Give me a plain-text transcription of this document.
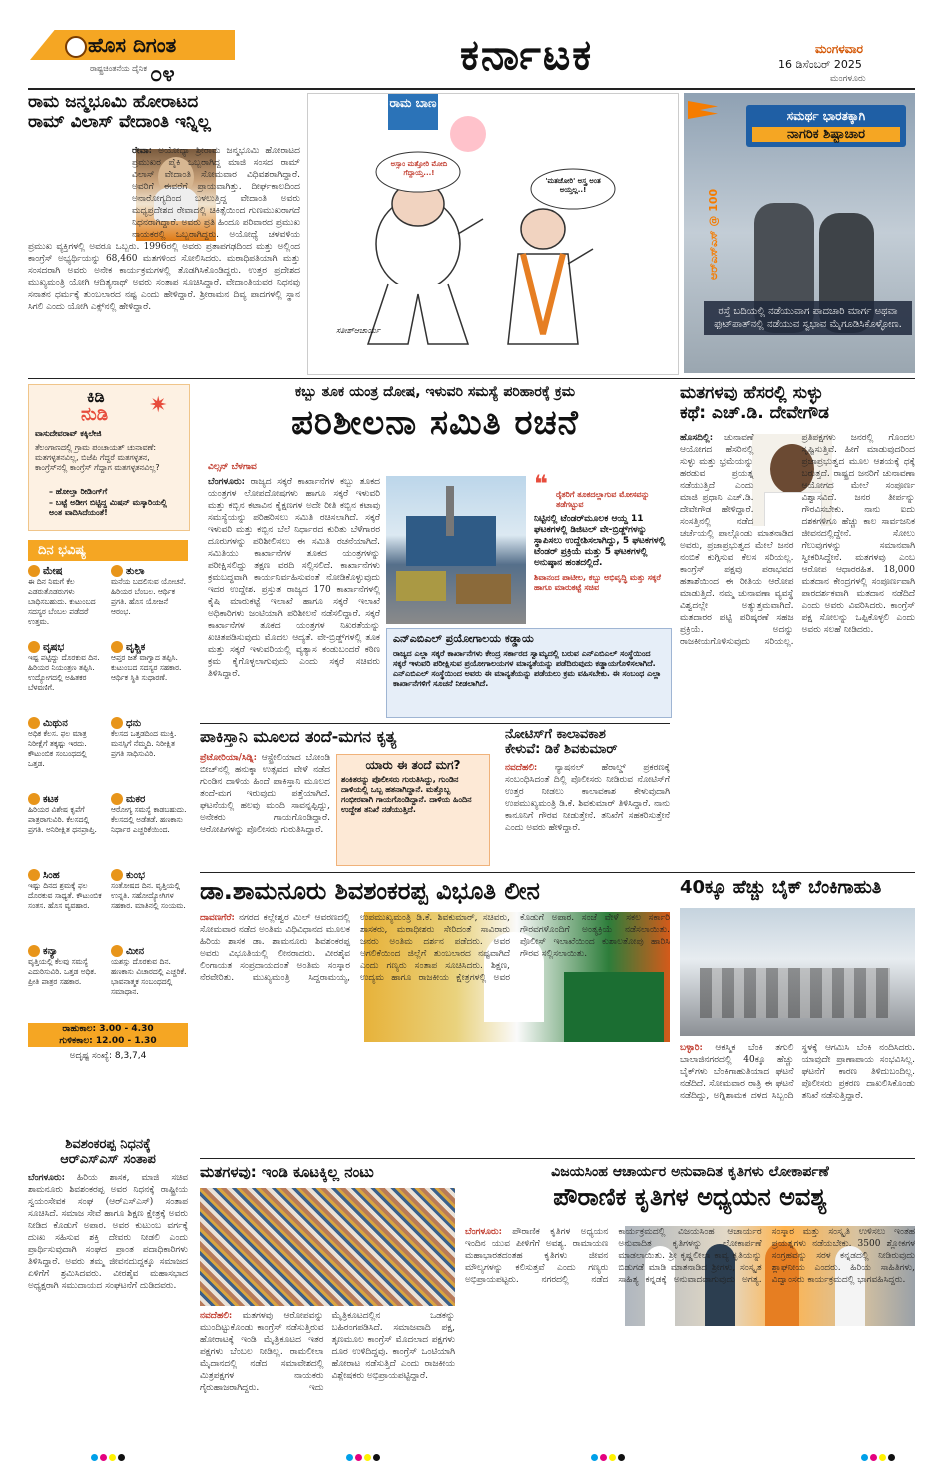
ಹೊಸ ದಿಗಂತ
ರಾಷ್ಟ್ರಚಿಂತನೆಯ ದೈನಿಕ ೦೪	ಕರ್ನಾಟಕ	ಮಂಗಳವಾರ
16 ಡಿಸೆಂಬರ್ 2025
ಮಂಗಳೂರು
ರಾಮ ಜನ್ಮಭೂಮಿ ಹೋರಾಟದ
ರಾಮ್ ವಿಲಾಸ್ ವೇದಾಂತಿ ಇನ್ನಿಲ್ಲ
ರೇವಾ: ಅಯೋಧ್ಯಾ ಶ್ರೀರಾಮ ಜನ್ಮಭೂಮಿ ಹೋರಾಟದ ಪ್ರಮುಖರ ಪೈಕಿ ಒಬ್ಬರಾಗಿದ್ದ ಮಾಜಿ ಸಂಸದ ರಾಮ್ ವಿಲಾಸ್ ವೇದಾಂತಿ ಸೋಮವಾರ ವಿಧಿವಶರಾಗಿದ್ದಾರೆ. ಅವರಿಗೆ ಈವರೆಗೆ ಪ್ರಾಯವಾಗಿತ್ತು. ದೀರ್ಘಕಾಲದಿಂದ ಅನಾರೋಗ್ಯದಿಂದ ಬಳಲುತ್ತಿದ್ದ ವೇದಾಂತಿ ಅವರು ಮಧ್ಯಪ್ರದೇಶದ ರೇವಾದಲ್ಲಿ ಚಿಕಿತ್ಸೆಯಿಂದ ಗುಣಮುಖರಾಗದೆ ನಿಧನರಾಗಿದ್ದಾರೆ. ಅವರು ಪ್ರತಿ ಹಿಂದೂ ಪರಿವಾರದ ಪ್ರಮುಖ ನಾಯಕರಲ್ಲಿ ಒಬ್ಬರಾಗಿದ್ದರು. ಅಯೋಧ್ಯೆ ಚಳವಳಿಯ ಪ್ರಮುಖ ವ್ಯಕ್ತಿಗಳಲ್ಲಿ ಅವರೂ ಒಬ್ಬರು. 1996ರಲ್ಲಿ ಅವರು ಪ್ರತಾಪಗಢದಿಂದ ಮತ್ತು ಅಲ್ಲಿಂದ ಕಾಂಗ್ರೆಸ್ ಅಭ್ಯರ್ಥಿಯನ್ನು 68,460 ಮತಗಳಿಂದ ಸೋಲಿಸಿದರು. ಮಠಾಧಿಪತಿಯಾಗಿ ಮತ್ತು ಸಂಸದರಾಗಿ ಅವರು ಅನೇಕ ಕಾರ್ಯಕ್ರಮಗಳಲ್ಲಿ ತೊಡಗಿಸಿಕೊಂಡಿದ್ದರು. ಉತ್ತರ ಪ್ರದೇಶದ ಮುಖ್ಯಮಂತ್ರಿ ಯೋಗಿ ಆದಿತ್ಯನಾಥ್ ಅವರು ಸಂತಾಪ ಸೂಚಿಸಿದ್ದಾರೆ. ವೇದಾಂತಿಯವರ ನಿಧನವು ಸನಾತನ ಧರ್ಮಕ್ಕೆ ತುಂಬಲಾರದ ನಷ್ಟ ಎಂದು ಹೇಳಿದ್ದಾರೆ. ಶ್ರೀರಾಮನ ದಿವ್ಯ ಪಾದಗಳಲ್ಲಿ ಸ್ಥಾನ ಸಿಗಲಿ ಎಂದು ಯೋಗಿ ಎಕ್ಸ್‌ನಲ್ಲಿ ಹೇಳಿದ್ದಾರೆ.
ರಾಮ ಬಾಣ
ಅಸ್ಸಾಂ ಮತ್ತೋರಿ ಮೋದಿ ಗೆದ್ದಾಯ್ತ...!
'ಮತಚೋರಿ' ಅಸ್ತ್ರ ಅಂತ ಅಯ್ತಲ್ಲ..!
ಸತೀಶ್‌ಆಚಾರ್ಯ
ಸಮರ್ಥ ಭಾರತಕ್ಕಾಗಿ
ನಾಗರಿಕ ಶಿಷ್ಟಾಚಾರ
ಆರ್‌ಎಸ್‌ಎಸ್ @ 100
ರಸ್ತೆ ಬದಿಯಲ್ಲಿ ನಡೆಯುವಾಗ ಪಾದಚಾರಿ ಮಾರ್ಗ ಅಥವಾ ಫುಟ್‌ಪಾತ್‌ನಲ್ಲಿ ನಡೆಯುವ ಸ್ವಭಾವ ಮೈಗೂಡಿಸಿಕೊಳ್ಳೋಣ.
ಕಿಡಿ
ನುಡಿ ✷
ವಾಸುದೇವರಾವ್ ಕಕ್ಕಿಲೇಜಿ
ತೆಲಂಗಾಣದಲ್ಲಿ ಗ್ರಾಮ ಪಂಚಾಯತ್ ಚುನಾವಣೆ: ಮತಗಳ್ಳತನವಿಲ್ಲ, ಬಿಜೆಪಿ ಗೆದ್ದರೆ ಮತಗಳ್ಳತನ, ಕಾಂಗ್ರೆಸ್‌ನಲ್ಲಿ ಕಾಂಗ್ರೆಸ್ ಗೆದ್ದಾಗ ಮತಗಳ್ಳತನವಿಲ್ಲ?
– ಹೋಲ್ತಾ ರೀಡಿಂಗ್‌ಗೆ
– ಬಟ್ಟೆ ಅಡೀಗ ಬಿಟ್ಟಿದ್ದ ಮಿಷನ್ ಮಸ್ಕಾರಿಯಲ್ಲಿ ಅಂತ ವಾದಿಸಿದೆಯಂತೆ!
ದಿನ ಭವಿಷ್ಯ
ಮೇಷ
ಈ ದಿನ ನಿಮಗೆ ಕೆಲ ಎಡರುತೊಡರುಗಳು ಬಾಧಿಸಬಹುದು. ಕುಟುಂಬದ ಸದಸ್ಯರ ಬೆಂಬಲ ಪಡೆದರೆ ಉತ್ತಮ.
ತುಲಾ
ಮನೆಯ ಬದಲಿಸುವ ಯೋಚನೆ. ಹಿರಿಯರ ಬೆಂಬಲ. ಆರ್ಥಿಕ ಪ್ರಗತಿ. ಹೊಸ ಯೋಜನೆ ಆರಂಭ.
ವೃಷಭ
ಇಷ್ಟ ಪಟ್ಟಿದ್ದು ದೊರಕುವ ದಿನ. ಹಿರಿಯರ ನಿಯಂತ್ರಣ ತಪ್ಪಿಸಿ. ಉದ್ಯೋಗದಲ್ಲಿ ಅಹಿತಕರ ಬೆಳವಣಿಗೆ.
ವೃಶ್ಚಿಕ
ಆಪ್ತರ ಜತೆ ವಾಗ್ವಾದ ತಪ್ಪಿಸಿ. ಕುಟುಂಬದ ಸದಸ್ಯರ ಸಹಕಾರ. ಆರ್ಥಿಕ ಸ್ಥಿತಿ ಸುಧಾರಣೆ.
ಮಿಥುನ
ಅಧಿಕ ಕೆಲಸ. ಫಲ ಮಾತ್ರ ನಿರೀಕ್ಷೆಗೆ ತಕ್ಕಷ್ಟು ಇರದು. ಕೌಟುಂಬಿಕ ಸಂಬಂಧದಲ್ಲಿ ಒತ್ತಡ.
ಧನು
ಕೆಲಸದ ಒತ್ತಡದಿಂದ ಮುಕ್ತಿ. ಮನಸ್ಸಿಗೆ ನೆಮ್ಮದಿ. ನಿರೀಕ್ಷಿತ ಪ್ರಗತಿ ಸಾಧಿಸುವಿರಿ.
ಕಟಕ
ಹಿರಿಯರ ವಿಶೇಷ ಕೃಪೆಗೆ ಪಾತ್ರರಾಗುವಿರಿ. ಕೆಲಸದಲ್ಲಿ ಪ್ರಗತಿ. ಅನಿರೀಕ್ಷಿತ ಧನಪ್ರಾಪ್ತಿ.
ಮಕರ
ಆರೋಗ್ಯ ಸಮಸ್ಯೆ ಕಾಡಬಹುದು. ಕೆಲಸದಲ್ಲಿ ಅಡೆತಡೆ. ಹಣಕಾಸು ನಿರ್ಧಾರ ಎಚ್ಚರಿಕೆಯಿಂದ.
ಸಿಂಹ
ಇಷ್ಟು ದಿನದ ಶ್ರಮಕ್ಕೆ ಫಲ ದೊರಕುವ ಸಾಧ್ಯತೆ. ಕೌಟುಂಬಿಕ ಸಂತಸ. ಹೊಸ ವ್ಯವಹಾರ.
ಕುಂಭ
ಸಂತೋಷದ ದಿನ. ವೃತ್ತಿಯಲ್ಲಿ ಉನ್ನತಿ. ಸಹೋದ್ಯೋಗಿಗಳ ಸಹಕಾರ. ಮಾತಿನಲ್ಲಿ ಸಂಯಮ.
ಕನ್ಯಾ
ವೃತ್ತಿಯಲ್ಲಿ ಕೆಲವು ಸಮಸ್ಯೆ ಎದುರಿಸುವಿರಿ. ಒತ್ತಡ ಅಧಿಕ. ಪ್ರೀತಿ ಪಾತ್ರರ ಸಹಕಾರ.
ಮೀನ
ಯಶಸ್ಸು ದೊರಕುವ ದಿನ. ಹಣಕಾಸು ವಿಚಾರದಲ್ಲಿ ಎಚ್ಚರಿಕೆ. ಭಾವನಾತ್ಮಕ ಸಂಬಂಧದಲ್ಲಿ ಸಮಾಧಾನ.
ರಾಹುಕಾಲ: 3.00 - 4.30
ಗುಳಿಕಕಾಲ: 12.00 - 1.30
ಅದೃಷ್ಟ ಸಂಖ್ಯೆ: 8,3,7,4
ಶಿವಶಂಕರಪ್ಪ ನಿಧನಕ್ಕೆ
ಆರ್‌ಎಸ್‌ಎಸ್ ಸಂತಾಪ
ಬೆಂಗಳೂರು: ಹಿರಿಯ ಶಾಸಕ, ಮಾಜಿ ಸಚಿವ ಶಾಮನೂರು ಶಿವಶಂಕರಪ್ಪ ಅವರ ನಿಧನಕ್ಕೆ ರಾಷ್ಟ್ರೀಯ ಸ್ವಯಂಸೇವಕ ಸಂಘ (ಆರ್‌ಎಸ್‌ಎಸ್) ಸಂತಾಪ ಸೂಚಿಸಿದೆ. ಸಮಾಜ ಸೇವೆ ಹಾಗೂ ಶಿಕ್ಷಣ ಕ್ಷೇತ್ರಕ್ಕೆ ಅವರು ನೀಡಿದ ಕೊಡುಗೆ ಅಪಾರ. ಅವರ ಕುಟುಂಬ ವರ್ಗಕ್ಕೆ ದುಃಖ ಸಹಿಸುವ ಶಕ್ತಿ ದೇವರು ನೀಡಲಿ ಎಂದು ಪ್ರಾರ್ಥಿಸುವುದಾಗಿ ಸಂಘದ ಪ್ರಾಂತ ಪದಾಧಿಕಾರಿಗಳು ತಿಳಿಸಿದ್ದಾರೆ. ಅವರು ತಮ್ಮ ಜೀವನದುದ್ದಕ್ಕೂ ಸಮಾಜದ ಏಳಿಗೆಗೆ ಶ್ರಮಿಸಿದವರು. ವೀರಶೈವ ಮಹಾಸಭಾದ ಅಧ್ಯಕ್ಷರಾಗಿ ಸಮುದಾಯದ ಸಂಘಟನೆಗೆ ದುಡಿದವರು.
ಕಬ್ಬು ತೂಕ ಯಂತ್ರ ದೋಷ, ಇಳುವರಿ ಸಮಸ್ಯೆ ಪರಿಹಾರಕ್ಕೆ ಕ್ರಮ
ಪರಿಶೀಲನಾ ಸಮಿತಿ ರಚನೆ
ವಿಲ್ಸನ್ ಬೆಳಗಾವ
ಬೆಂಗಳೂರು: ರಾಜ್ಯದ ಸಕ್ಕರೆ ಕಾರ್ಖಾನೆಗಳ ಕಬ್ಬು ತೂಕದ ಯಂತ್ರಗಳ ಲೋಪದೋಷಗಳು ಹಾಗೂ ಸಕ್ಕರೆ ಇಳುವರಿ ಮತ್ತು ಕಬ್ಬಿನ ಕಟಾವಿನ ಕೈಕ್ಷಣಗಳ ಅದೇ ರೀತಿ ಕಬ್ಬಿನ ಕಟಾವು ಸಮಸ್ಯೆಯನ್ನು ಪರಿಹರಿಸಲು ಸಮಿತಿ ರಚಿಸಲಾಗಿದೆ. ಸಕ್ಕರೆ ಇಳುವರಿ ಮತ್ತು ಕಬ್ಬಿನ ಬೆಲೆ ನಿರ್ಧಾರದ ಕುರಿತು ಬೆಳೆಗಾರರ ದೂರುಗಳನ್ನು ಪರಿಶೀಲಿಸಲು ಈ ಸಮಿತಿ ರಚನೆಯಾಗಿದೆ. ಸಮಿತಿಯು ಕಾರ್ಖಾನೆಗಳ ತೂಕದ ಯಂತ್ರಗಳನ್ನು ಪರೀಕ್ಷಿಸಲಿದ್ದು ತಕ್ಷಣ ವರದಿ ಸಲ್ಲಿಸಲಿದೆ. ಕಾರ್ಖಾನೆಗಳು ಕ್ರಮಬದ್ಧವಾಗಿ ಕಾರ್ಯನಿರ್ವಹಿಸುವಂತೆ ನೋಡಿಕೊಳ್ಳುವುದು ಇದರ ಉದ್ದೇಶ. ಪ್ರಸ್ತುತ ರಾಜ್ಯದ 170 ಕಾರ್ಖಾನೆಗಳಲ್ಲಿ ಕೈಷಿ ಮಾರುಕಟ್ಟೆ ಇಲಾಖೆ ಹಾಗೂ ಸಕ್ಕರೆ ಇಲಾಖೆ ಅಧಿಕಾರಿಗಳು ಜಂಟಿಯಾಗಿ ಪರಿಶೀಲನೆ ನಡೆಸಲಿದ್ದಾರೆ. ಸಕ್ಕರೆ ಕಾರ್ಖಾನೆಗಳ ತೂಕದ ಯಂತ್ರಗಳ ನಿಖರತೆಯನ್ನು ಖಚಿತಪಡಿಸುವುದು ಮೊದಲ ಆದ್ಯತೆ. ವೇ-ಬ್ರಿಡ್ಜ್‌ಗಳಲ್ಲಿ ತೂಕ ಮತ್ತು ಸಕ್ಕರೆ ಇಳುವರಿಯಲ್ಲಿ ವ್ಯತ್ಯಾಸ ಕಂಡುಬಂದರೆ ಕಠಿಣ ಕ್ರಮ ಕೈಗೊಳ್ಳಲಾಗುವುದು ಎಂದು ಸಕ್ಕರೆ ಸಚಿವರು ತಿಳಿಸಿದ್ದಾರೆ.
❝ ರೈತರಿಗೆ ತೂಕದಲ್ಲಾಗುವ ಮೋಸವನ್ನು ತಡೆಗಟ್ಟುವ
ನಿಟ್ಟಿನಲ್ಲಿ ಟೆಂಡರ್‌ಮೂಲಕ ಆಯ್ದ 11 ಘಟಕಗಳಲ್ಲಿ ಡಿಜಿಟಲ್ ವೇ-ಬ್ರಿಡ್ಜ್‌ಗಳನ್ನು ಸ್ಥಾಪಿಸಲು ಉದ್ದೇಶಿಸಲಾಗಿದ್ದು, 5 ಘಟಕಗಳಲ್ಲಿ ಟೆಂಡರ್ ಪ್ರಕ್ರಿಯೆ ಮತ್ತು 5 ಘಟಕಗಳಲ್ಲಿ ಅನುಷ್ಠಾನ ಹಂತದಲ್ಲಿದೆ.
ಶಿವಾನಂದ ಪಾಟೀಲ, ಕಬ್ಬು ಅಭಿವೃದ್ಧಿ ಮತ್ತು ಸಕ್ಕರೆ ಹಾಗೂ ಮಾರುಕಟ್ಟೆ ಸಚಿವ
ಎನ್‌ಎಬಿಎಲ್ ಪ್ರಯೋಗಾಲಯ ಕಡ್ಡಾಯ
ರಾಜ್ಯದ ಎಲ್ಲಾ ಸಕ್ಕರೆ ಕಾರ್ಖಾನೆಗಳು ಕೇಂದ್ರ ಸರ್ಕಾರದ ಸ್ವಾಮ್ಯದಲ್ಲಿ ಬರುವ ಎನ್‌ಎಬಿಎಲ್ ಸಂಸ್ಥೆಯಿಂದ ಸಕ್ಕರೆ ಇಳುವರಿ ಪರೀಕ್ಷಿಸುವ ಪ್ರಯೋಗಾಲಯಗಳ ಮಾನ್ಯತೆಯನ್ನು ಪಡೆದಿರುವುದು ಕಡ್ಡಾಯಗೊಳಿಸಲಾಗಿದೆ. ಎನ್‌ಎಬಿಎಲ್ ಸಂಸ್ಥೆಯಿಂದ ಅವರು ಈ ಮಾನ್ಯತೆಯನ್ನು ಪಡೆಯಲು ಕ್ರಮ ವಹಿಸಬೇಕು. ಈ ಸಂಬಂಧ ಎಲ್ಲಾ ಕಾರ್ಖಾನೆಗಳಿಗೆ ಸೂಚನೆ ನೀಡಲಾಗಿದೆ.
ಮತಗಳವು ಹೆಸರಲ್ಲಿ ಸುಳ್ಳು
ಕಥೆ: ಎಚ್.ಡಿ. ದೇವೇಗೌಡ
ಹೊಸದಿಲ್ಲಿ: ಚುನಾವಣೆ ಆಯೋಗದ ಹೆಸರಿನಲ್ಲಿ ಸುಳ್ಳು ಮತ್ತು ಭ್ರಮೆಯನ್ನು ಹರಡುವ ಪ್ರಯತ್ನ ನಡೆಯುತ್ತಿದೆ ಎಂದು ಮಾಜಿ ಪ್ರಧಾನಿ ಎಚ್.ಡಿ. ದೇವೇಗೌಡ ಹೇಳಿದ್ದಾರೆ. ಸಂಸತ್ತಿನಲ್ಲಿ ನಡೆದ ಚರ್ಚೆಯಲ್ಲಿ ಪಾಲ್ಗೊಂಡು ಮಾತನಾಡಿದ ಅವರು, ಪ್ರಜಾಪ್ರಭುತ್ವದ ಮೇಲೆ ಜನರ ನಂಬಿಕೆ ಕುಗ್ಗಿಸುವ ಕೆಲಸ ಸರಿಯಲ್ಲ. ಕಾಂಗ್ರೆಸ್ ಪಕ್ಷವು ಪರಾಭವದ ಹತಾಶೆಯಿಂದ ಈ ರೀತಿಯ ಆರೋಪ ಮಾಡುತ್ತಿದೆ. ನಮ್ಮ ಚುನಾವಣಾ ವ್ಯವಸ್ಥೆ ವಿಶ್ವದಲ್ಲೇ ಅತ್ಯುತ್ತಮವಾಗಿದೆ. ಮತದಾರರ ಪಟ್ಟಿ ಪರಿಷ್ಕರಣೆ ಸಹಜ ಪ್ರಕ್ರಿಯೆ. ಅದನ್ನು ರಾಜಕೀಯಗೊಳಿಸುವುದು ಸರಿಯಲ್ಲ. ಪ್ರತಿಪಕ್ಷಗಳು ಜನರಲ್ಲಿ ಗೊಂದಲ ಸೃಷ್ಟಿಸುತ್ತಿವೆ. ಹೀಗೆ ಮಾಡುವುದರಿಂದ ಪ್ರಜಾಪ್ರಭುತ್ವದ ಮೂಲ ಆಶಯಕ್ಕೆ ಧಕ್ಕೆ ಬರುತ್ತದೆ. ರಾಷ್ಟ್ರದ ಜನರಿಗೆ ಚುನಾವಣಾ ಆಯೋಗದ ಮೇಲೆ ಸಂಪೂರ್ಣ ವಿಶ್ವಾಸವಿದೆ. ಜನರ ತೀರ್ಪನ್ನು ಗೌರವಿಸಬೇಕು. ನಾನು ಐದು ದಶಕಗಳಿಗೂ ಹೆಚ್ಚು ಕಾಲ ಸಾರ್ವಜನಿಕ ಜೀವನದಲ್ಲಿದ್ದೇನೆ. ಸೋಲು ಗೆಲುವುಗಳನ್ನು ಸಮಾನವಾಗಿ ಸ್ವೀಕರಿಸಿದ್ದೇನೆ. ಮತಗಳವು ಎಂಬ ಆರೋಪ ಆಧಾರರಹಿತ. 18,000 ಮತದಾನ ಕೇಂದ್ರಗಳಲ್ಲಿ ಸಂಪೂರ್ಣವಾಗಿ ಪಾರದರ್ಶಕವಾಗಿ ಮತದಾನ ನಡೆದಿದೆ ಎಂದು ಅವರು ವಿವರಿಸಿದರು. ಕಾಂಗ್ರೆಸ್ ಪಕ್ಷ ಸೋಲನ್ನು ಒಪ್ಪಿಕೊಳ್ಳಲಿ ಎಂದು ಅವರು ಸಲಹೆ ನೀಡಿದರು.
ಪಾಕಿಸ್ತಾನಿ ಮೂಲದ ತಂದೆ-ಮಗನ ಕೃತ್ಯ
ಪ್ರೆಟೋರಿಯಾ/ಸಿಡ್ನಿ: ಆಸ್ಟ್ರೇಲಿಯಾದ ಬೋಂಡಿ ಬೀಚ್‌ನಲ್ಲಿ ಹನುಕ್ಕಾ ಉತ್ಸವದ ವೇಳೆ ನಡೆದ ಗುಂಡಿನ ದಾಳಿಯ ಹಿಂದೆ ಪಾಕಿಸ್ತಾನಿ ಮೂಲದ ತಂದೆ-ಮಗ ಇರುವುದು ಪತ್ತೆಯಾಗಿದೆ. ಘಟನೆಯಲ್ಲಿ ಹಲವು ಮಂದಿ ಸಾವನ್ನಪ್ಪಿದ್ದು, ಅನೇಕರು ಗಾಯಗೊಂಡಿದ್ದಾರೆ. ಆರೋಪಿಗಳನ್ನು ಪೊಲೀಸರು ಗುರುತಿಸಿದ್ದಾರೆ.
ಯಾರು ಈ ತಂದೆ ಮಗ?
ಶಂಕಿತರನ್ನು ಪೊಲೀಸರು ಗುರುತಿಸಿದ್ದು, ಗುಂಡಿನ ದಾಳಿಯಲ್ಲಿ ಒಬ್ಬ ಹತನಾಗಿದ್ದಾನೆ. ಮತ್ತೊಬ್ಬ ಗಂಭೀರವಾಗಿ ಗಾಯಗೊಂಡಿದ್ದಾನೆ. ದಾಳಿಯ ಹಿಂದಿನ ಉದ್ದೇಶ ತನಿಖೆ ನಡೆಯುತ್ತಿದೆ.
ನೋಟಿಸ್‌ಗೆ ಕಾಲಾವಕಾಶ
ಕೇಳುವೆ: ಡಿಕೆ ಶಿವಕುಮಾರ್
ನವದೆಹಲಿ: ನ್ಯಾಷನಲ್ ಹೆರಾಲ್ಡ್ ಪ್ರಕರಣಕ್ಕೆ ಸಂಬಂಧಿಸಿದಂತೆ ದಿಲ್ಲಿ ಪೊಲೀಸರು ನೀಡಿರುವ ನೋಟಿಸ್‌ಗೆ ಉತ್ತರ ನೀಡಲು ಕಾಲಾವಕಾಶ ಕೇಳುವುದಾಗಿ ಉಪಮುಖ್ಯಮಂತ್ರಿ ಡಿ.ಕೆ. ಶಿವಕುಮಾರ್ ತಿಳಿಸಿದ್ದಾರೆ. ನಾನು ಕಾನೂನಿಗೆ ಗೌರವ ನೀಡುತ್ತೇನೆ. ತನಿಖೆಗೆ ಸಹಕರಿಸುತ್ತೇನೆ ಎಂದು ಅವರು ಹೇಳಿದ್ದಾರೆ.
ಡಾ.ಶಾಮನೂರು ಶಿವಶಂಕರಪ್ಪ ವಿಭೂತಿ ಲೀನ
ದಾವಣಗೆರೆ: ನಗರದ ಕಲ್ಲೇಶ್ವರ ಮಿಲ್ ಆವರಣದಲ್ಲಿ ಸೋಮವಾರ ನಡೆದ ಅಂತಿಮ ವಿಧಿವಿಧಾನದ ಮೂಲಕ ಹಿರಿಯ ಶಾಸಕ ಡಾ. ಶಾಮನೂರು ಶಿವಶಂಕರಪ್ಪ ಅವರು ವಿಭೂತಿಯಲ್ಲಿ ಲೀನರಾದರು. ವೀರಶೈವ ಲಿಂಗಾಯತ ಸಂಪ್ರದಾಯದಂತೆ ಅಂತಿಮ ಸಂಸ್ಕಾರ ನೆರವೇರಿತು. ಮುಖ್ಯಮಂತ್ರಿ ಸಿದ್ದರಾಮಯ್ಯ, ಉಪಮುಖ್ಯಮಂತ್ರಿ ಡಿ.ಕೆ. ಶಿವಕುಮಾರ್, ಸಚಿವರು, ಶಾಸಕರು, ಮಠಾಧೀಶರು ಸೇರಿದಂತೆ ಸಾವಿರಾರು ಜನರು ಅಂತಿಮ ದರ್ಶನ ಪಡೆದರು. ಅವರ ಅಗಲಿಕೆಯಿಂದ ಜಿಲ್ಲೆಗೆ ತುಂಬಲಾರದ ನಷ್ಟವಾಗಿದೆ ಎಂದು ಗಣ್ಯರು ಸಂತಾಪ ಸೂಚಿಸಿದರು. ಶಿಕ್ಷಣ, ಉದ್ಯಮ ಹಾಗೂ ರಾಜಕೀಯ ಕ್ಷೇತ್ರಗಳಲ್ಲಿ ಅವರ ಕೊಡುಗೆ ಅಪಾರ. ಸಂಜೆ ವೇಳೆ ಸಕಲ ಸರ್ಕಾರಿ ಗೌರವಗಳೊಂದಿಗೆ ಅಂತ್ಯಕ್ರಿಯೆ ನಡೆಸಲಾಯಿತು. ಪೊಲೀಸ್ ಇಲಾಖೆಯಿಂದ ಕುಶಾಲತೋಪು ಹಾರಿಸಿ ಗೌರವ ಸಲ್ಲಿಸಲಾಯಿತು.
40ಕ್ಕೂ ಹೆಚ್ಚು ಬೈಕ್ ಬೆಂಕಿಗಾಹುತಿ
ಬಳ್ಳಾರಿ: ಆಕಸ್ಮಿಕ ಬೆಂಕಿ ತಗುಲಿ ಬಾಲಾಜಿನಗರದಲ್ಲಿ 40ಕ್ಕೂ ಹೆಚ್ಚು ಬೈಕ್‌ಗಳು ಬೆಂಕಿಗಾಹುತಿಯಾದ ಘಟನೆ ನಡೆದಿದೆ. ಸೋಮವಾರ ರಾತ್ರಿ ಈ ಘಟನೆ ನಡೆದಿದ್ದು, ಅಗ್ನಿಶಾಮಕ ದಳದ ಸಿಬ್ಬಂದಿ ಸ್ಥಳಕ್ಕೆ ಆಗಮಿಸಿ ಬೆಂಕಿ ನಂದಿಸಿದರು. ಯಾವುದೇ ಪ್ರಾಣಾಪಾಯ ಸಂಭವಿಸಿಲ್ಲ. ಘಟನೆಗೆ ಕಾರಣ ತಿಳಿದುಬಂದಿಲ್ಲ. ಪೊಲೀಸರು ಪ್ರಕರಣ ದಾಖಲಿಸಿಕೊಂಡು ತನಿಖೆ ನಡೆಸುತ್ತಿದ್ದಾರೆ.
ಮತಗಳವು: ಇಂಡಿ ಕೂಟಕ್ಕಿಲ್ಲ ನಂಟು
ನವದೆಹಲಿ: ಮತಗಳವು ಆರೋಪವನ್ನು ಮುಂದಿಟ್ಟುಕೊಂಡು ಕಾಂಗ್ರೆಸ್ ನಡೆಸುತ್ತಿರುವ ಹೋರಾಟಕ್ಕೆ ಇಂಡಿ ಮೈತ್ರಿಕೂಟದ ಇತರ ಪಕ್ಷಗಳು ಬೆಂಬಲ ನೀಡಿಲ್ಲ. ರಾಮಲೀಲಾ ಮೈದಾನದಲ್ಲಿ ನಡೆದ ಸಮಾವೇಶದಲ್ಲಿ ಮಿತ್ರಪಕ್ಷಗಳ ನಾಯಕರು ಗೈರುಹಾಜರಾಗಿದ್ದರು. ಇದು ಮೈತ್ರಿಕೂಟದಲ್ಲಿನ ಒಡಕನ್ನು ಬಹಿರಂಗಪಡಿಸಿದೆ. ಸಮಾಜವಾದಿ ಪಕ್ಷ, ತೃಣಮೂಲ ಕಾಂಗ್ರೆಸ್ ಮೊದಲಾದ ಪಕ್ಷಗಳು ದೂರ ಉಳಿದಿದ್ದವು. ಕಾಂಗ್ರೆಸ್ ಒಂಟಿಯಾಗಿ ಹೋರಾಟ ನಡೆಸುತ್ತಿದೆ ಎಂದು ರಾಜಕೀಯ ವಿಶ್ಲೇಷಕರು ಅಭಿಪ್ರಾಯಪಟ್ಟಿದ್ದಾರೆ.
ವಿಜಯಸಿಂಹ ಆಚಾರ್ಯರ ಅನುವಾದಿತ ಕೃತಿಗಳು ಲೋಕಾರ್ಪಣೆ
ಪೌರಾಣಿಕ ಕೃತಿಗಳ ಅಧ್ಯಯನ ಅವಶ್ಯ
ಬೆಂಗಳೂರು: ಪೌರಾಣಿಕ ಕೃತಿಗಳ ಅಧ್ಯಯನ ಇಂದಿನ ಯುವ ಪೀಳಿಗೆಗೆ ಅವಶ್ಯ. ರಾಮಾಯಣ ಮಹಾಭಾರತದಂತಹ ಕೃತಿಗಳು ಜೀವನ ಮೌಲ್ಯಗಳನ್ನು ಕಲಿಸುತ್ತವೆ ಎಂದು ಗಣ್ಯರು ಅಭಿಪ್ರಾಯಪಟ್ಟರು. ನಗರದಲ್ಲಿ ನಡೆದ ಕಾರ್ಯಕ್ರಮದಲ್ಲಿ ವಿಜಯಸಿಂಹ ಆಚಾರ್ಯರ ಅನುವಾದಿತ ಕೃತಿಗಳನ್ನು ಲೋಕಾರ್ಪಣೆ ಮಾಡಲಾಯಿತು. ಶ್ರೀ ಕೃಷ್ಣಲೀಲಾ ಕಾವ್ಯ ಕೃತಿಯನ್ನು ಬಿಡುಗಡೆ ಮಾಡಿ ಮಾತನಾಡಿದ ಶ್ರೀಗಳು, ಸಂಸ್ಕೃತ ಸಾಹಿತ್ಯ ಕನ್ನಡಕ್ಕೆ ಅನುವಾದವಾಗುವುದು ಅಗತ್ಯ. ಸಂಸ್ಕಾರ ಮತ್ತು ಸಂಸ್ಕೃತಿ ಉಳಿಸಲು ಇಂತಹ ಪ್ರಯತ್ನಗಳು ನಡೆಯಬೇಕು. 3500 ಶ್ಲೋಕಗಳ ಸಂಗ್ರಹವನ್ನು ಸರಳ ಕನ್ನಡದಲ್ಲಿ ನೀಡಿರುವುದು ಶ್ಲಾಘನೀಯ ಎಂದರು. ಹಿರಿಯ ಸಾಹಿತಿಗಳು, ವಿದ್ವಾಂಸರು ಕಾರ್ಯಕ್ರಮದಲ್ಲಿ ಭಾಗವಹಿಸಿದ್ದರು.
